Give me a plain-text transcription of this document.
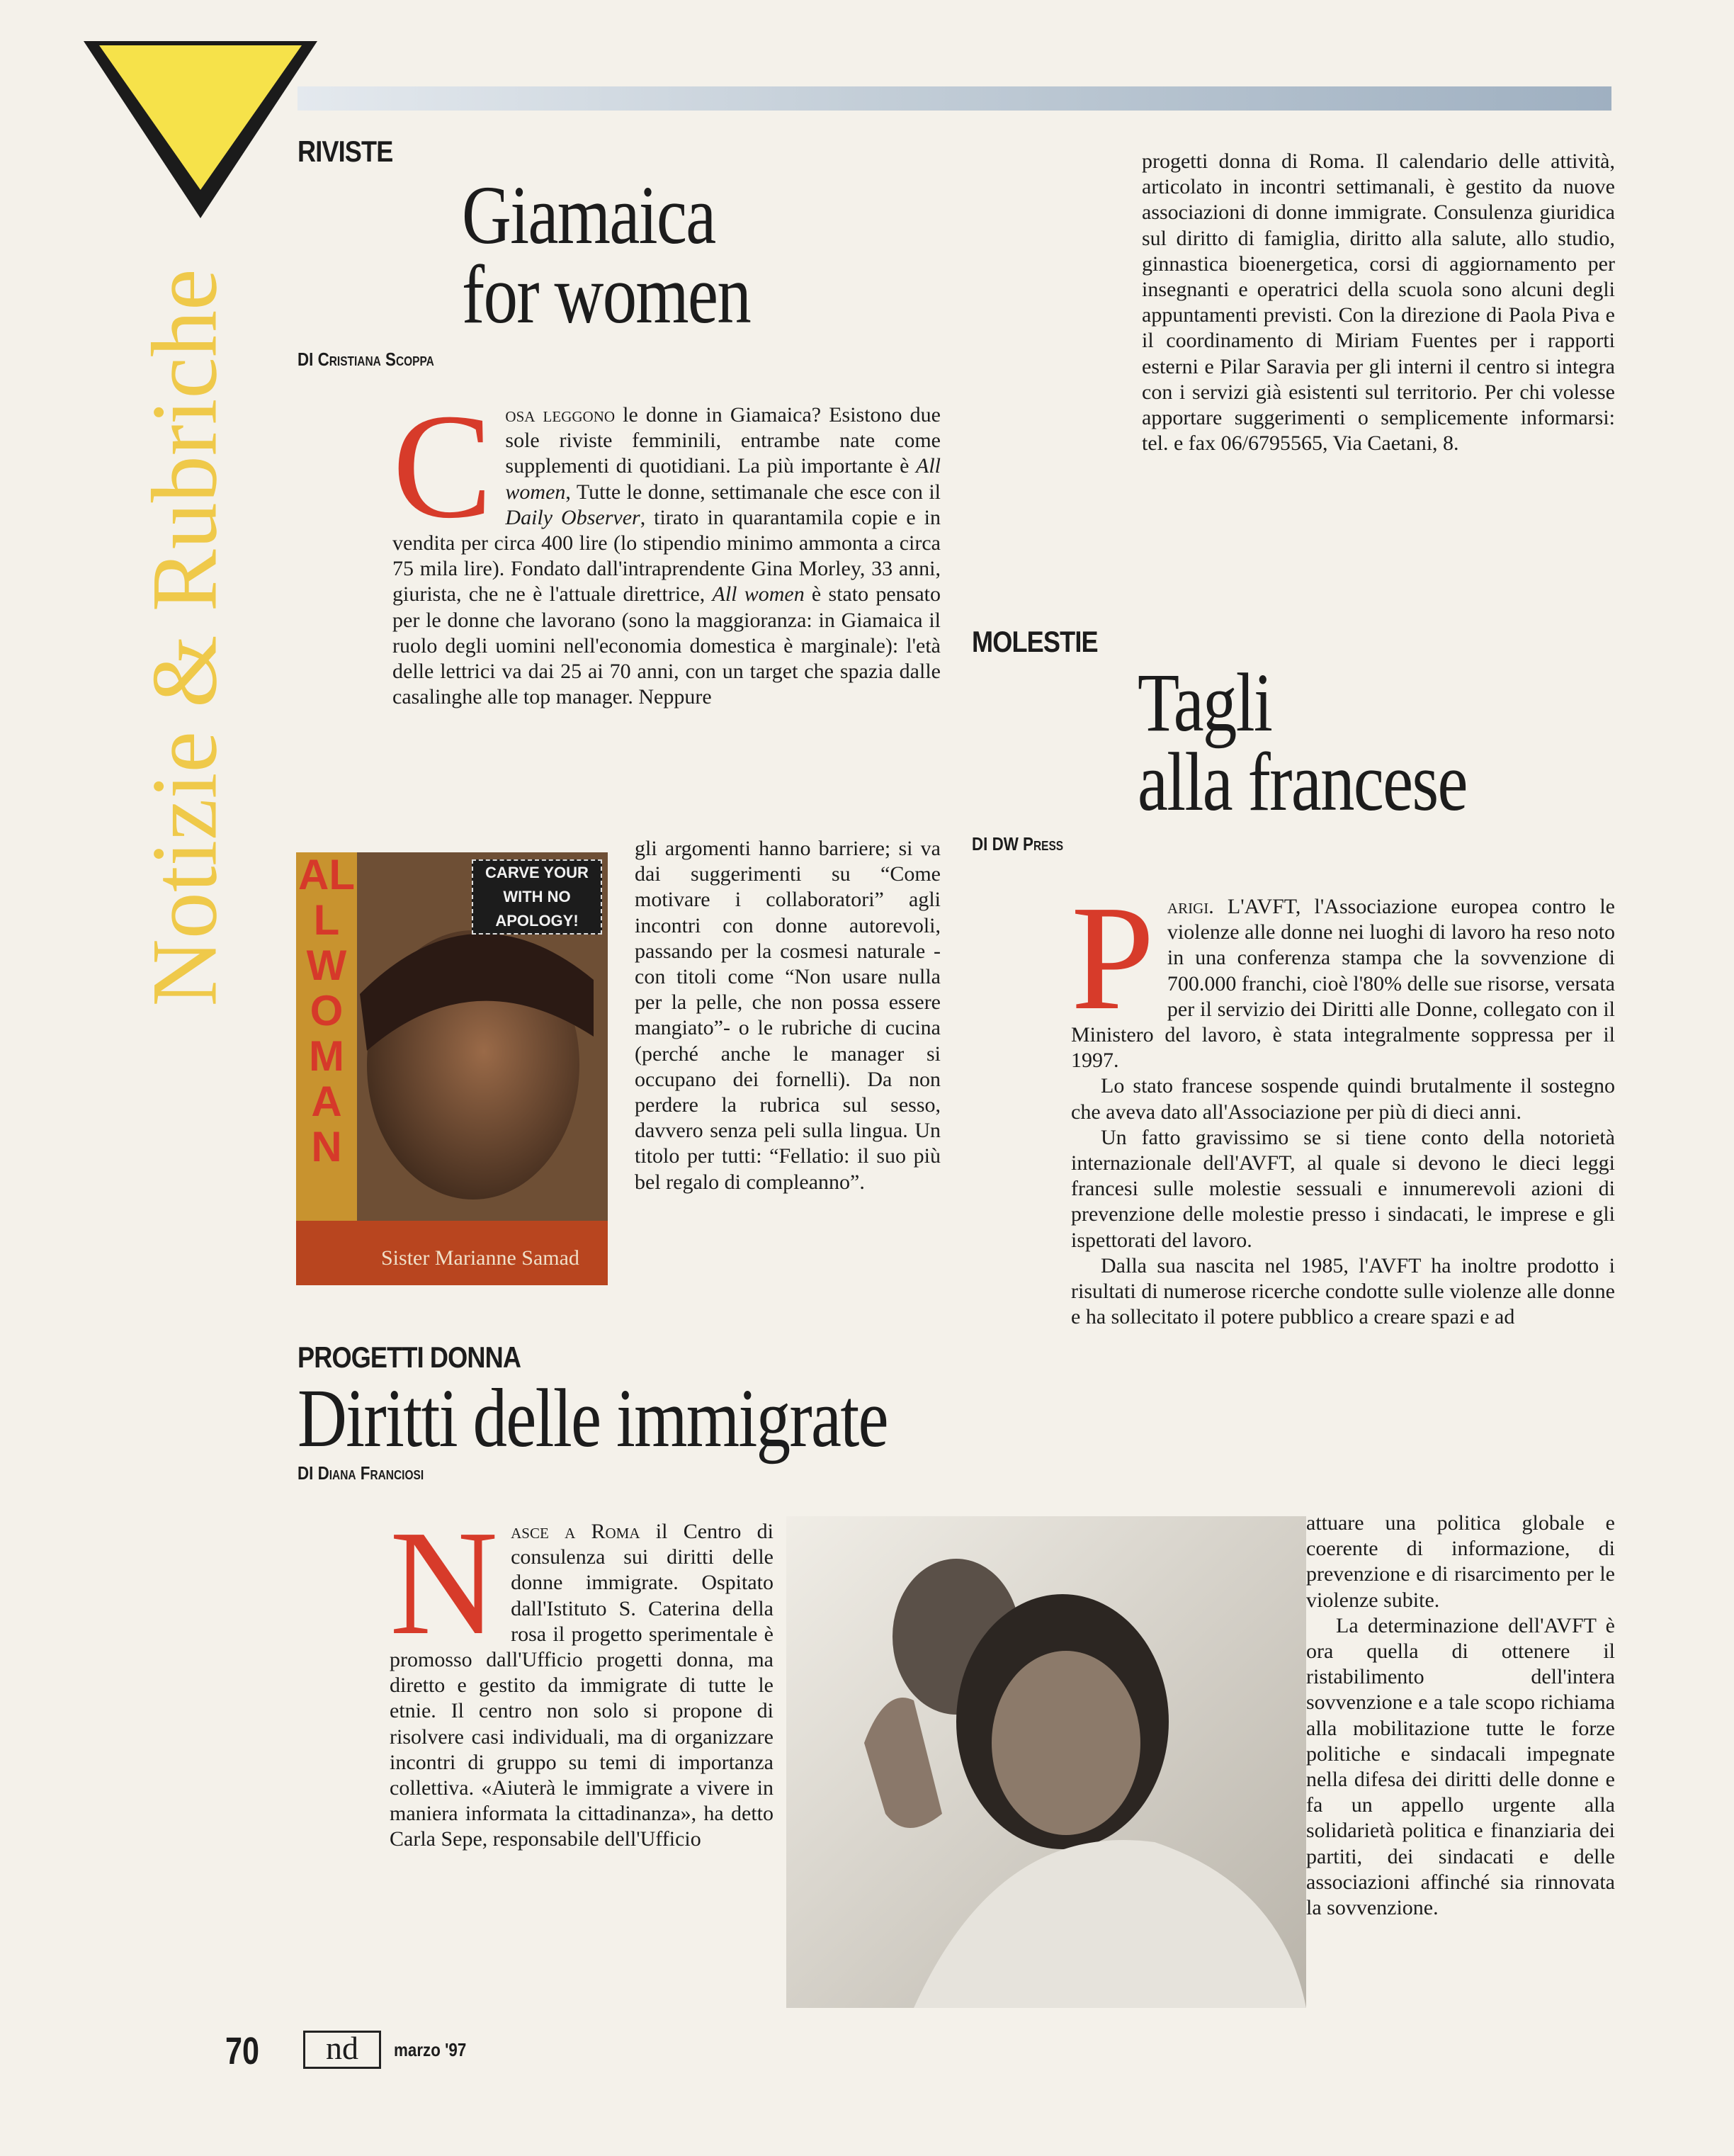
Notizie & Rubriche
RIVISTE
Giamaica
for women
DI Cristiana Scoppa

Cosa leggono le donne in Giamaica? Esistono due sole riviste femminili, entrambe nate come supplementi di quotidiani. La più importante è All women, Tutte le donne, settimanale che esce con il Daily Observer, tirato in quarantamila copie e in vendita per circa 400 lire (lo stipendio minimo ammonta a circa 75 mila lire). Fondato dall'intraprendente Gina Morley, 33 anni, giurista, che ne è l'attuale direttrice, All women è stato pensato per le donne che lavorano (sono la maggioranza: in Giamaica il ruolo degli uomini nell'economia domestica è marginale): l'età delle lettrici va dai 25 ai 70 anni, con un target che spazia dalle casalinghe alle top manager. Neppure

gli argomenti hanno barriere; si va dai suggerimenti su “Come motivare i collaboratori” agli incontri con donne autorevoli, passando per la cosmesi naturale - con titoli come “Non usare nulla per la pelle, che non possa essere mangiato”- o le rubriche di cucina (perché anche le manager si occupano dei fornelli). Da non perdere la rubrica sul sesso, davvero senza peli sulla lingua. Un titolo per tutti: “Fellatio: il suo più bel regalo di compleanno”.

ALL WOMAN
CARVE YOUR
WITH NO
APOLOGY!
Sister Marianne Samad
PROGETTI DONNA
Diritti delle immigrate
DI Diana Franciosi

Nasce a Roma il Centro di consulenza sui diritti delle donne immigrate. Ospitato dall'Istituto S. Caterina della rosa il progetto sperimentale è promosso dall'Ufficio progetti donna, ma diretto e gestito da immigrate di tutte le etnie. Il centro non solo si propone di risolvere casi individuali, ma di organizzare incontri di gruppo su temi di importanza collettiva. «Aiuterà le immigrate a vivere in maniera informata la cittadinanza», ha detto Carla Sepe, responsabile dell'Ufficio

progetti donna di Roma. Il calendario delle attività, articolato in incontri settimanali, è gestito da nuove associazioni di donne immigrate. Consulenza giuridica sul diritto di famiglia, diritto alla salute, allo studio, ginnastica bioenergetica, corsi di aggiornamento per insegnanti e operatrici della scuola sono alcuni degli appuntamenti previsti. Con la direzione di Paola Piva e il coordinamento di Miriam Fuentes per i rapporti esterni e Pilar Saravia per gli interni il centro si integra con i servizi già esistenti sul territorio. Per chi volesse apportare suggerimenti o semplicemente informarsi: tel. e fax 06/6795565, Via Caetani, 8.

MOLESTIE
Tagli
alla francese
DI DW Press

Parigi. L'AVFT, l'Associazione europea contro le violenze alle donne nei luoghi di lavoro ha reso noto in una conferenza stampa che la sovvenzione di 700.000 franchi, cioè l'80% delle sue risorse, versata per il servizio dei Diritti alle Donne, collegato con il Ministero del lavoro, è stata integralmente soppressa per il 1997.

Lo stato francese sospende quindi brutalmente il sostegno che aveva dato all'Associazione per più di dieci anni.

Un fatto gravissimo se si tiene conto della notorietà internazionale dell'AVFT, al quale si devono le dieci leggi francesi sulle molestie sessuali e innumerevoli azioni di prevenzione delle molestie presso i sindacati, le imprese e gli ispettorati del lavoro.

Dalla sua nascita nel 1985, l'AVFT ha inoltre prodotto i risultati di numerose ricerche condotte sulle violenze alle donne e ha sollecitato il potere pubblico a creare spazi e ad

attuare una politica globale e coerente di informazione, di prevenzione e di risarcimento per le violenze subite.

La determinazione dell'AVFT è ora quella di ottenere il ristabilimento dell'intera sovvenzione e a tale scopo richiama alla mobilitazione tutte le forze politiche e sindacali impegnate nella difesa dei diritti delle donne e fa un appello urgente alla solidarietà politica e finanziaria dei partiti, dei sindacati e delle associazioni affinché sia rinnovata la sovvenzione.

70	nd	marzo '97
